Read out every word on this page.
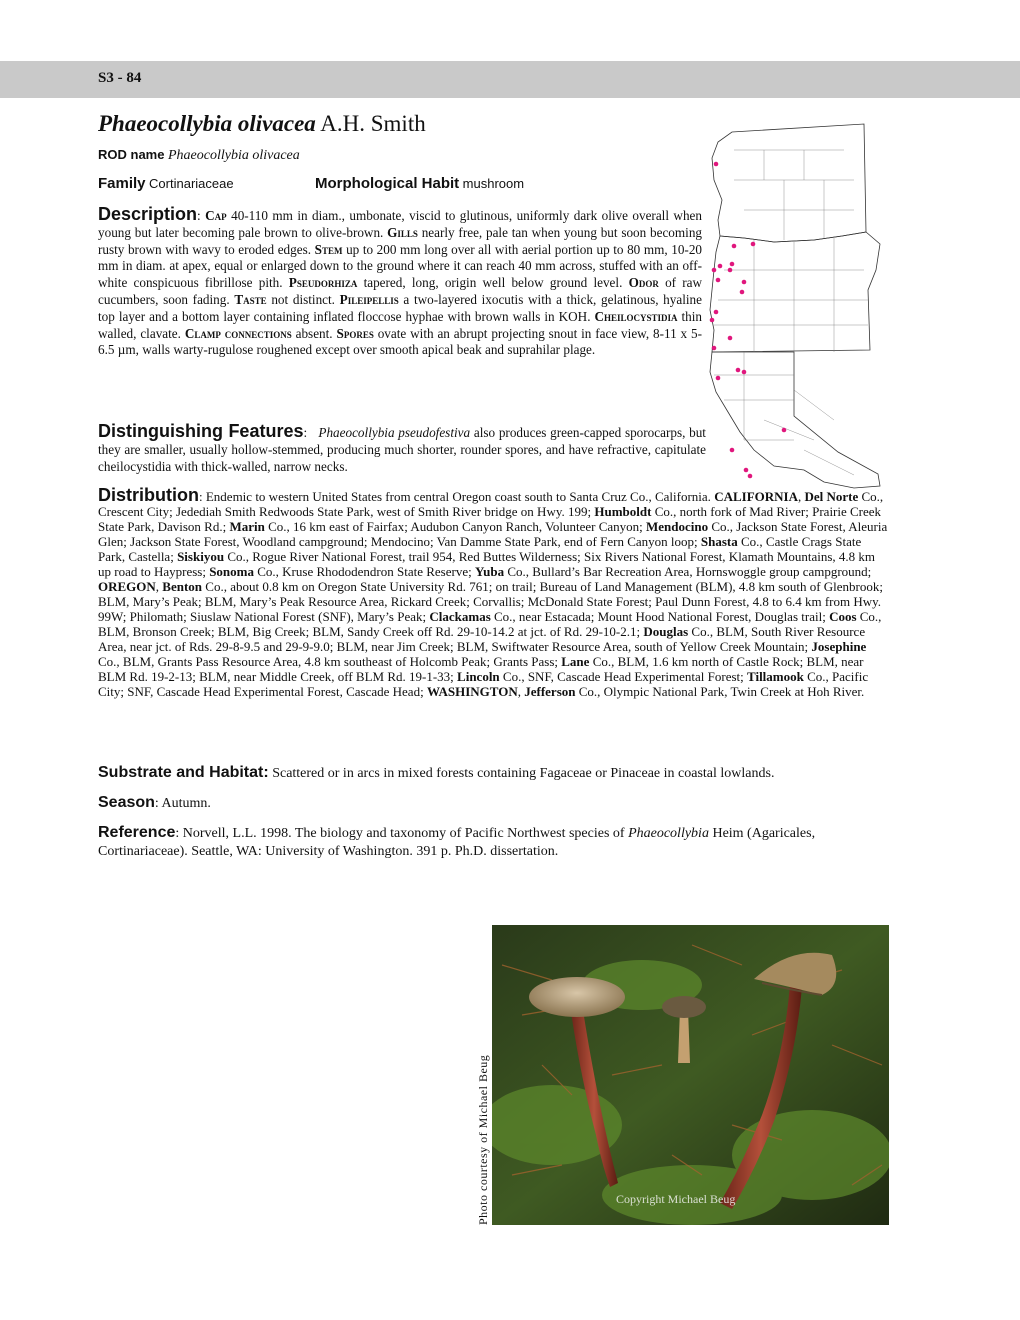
S3 - 84
Phaeocollybia olivacea A.H. Smith
ROD name Phaeocollybia olivacea
Family Cortinariaceae	Morphological Habit mushroom
Description: Cap 40-110 mm in diam., umbonate, viscid to glutinous, uniformly dark olive overall when young but later becoming pale brown to olive-brown. Gills nearly free, pale tan when young but soon becoming rusty brown with wavy to eroded edges. Stem up to 200 mm long over all with aerial portion up to 80 mm, 10-20 mm in diam. at apex, equal or enlarged down to the ground where it can reach 40 mm across, stuffed with an off-white conspicuous fibrillose pith. Pseudorhiza tapered, long, origin well below ground level. Odor of raw cucumbers, soon fading. Taste not distinct. Pileipellis a two-layered ixocutis with a thick, gelatinous, hyaline top layer and a bottom layer containing inflated floccose hyphae with brown walls in KOH. Cheilocystidia thin walled, clavate. Clamp connections absent. Spores ovate with an abrupt projecting snout in face view, 8-11 x 5-6.5 µm, walls warty-rugulose roughened except over smooth apical beak and suprahilar plage.
Distinguishing Features:   Phaeocollybia pseudofestiva also produces green-capped sporocarps, but they are smaller, usually hollow-stemmed, producing much shorter, rounder spores, and have refractive, capitulate cheilocystidia with thick-walled, narrow necks.
Distribution: Endemic to western United States from central Oregon coast south to Santa Cruz Co., California. CALIFORNIA, Del Norte Co., Crescent City; Jedediah Smith Redwoods State Park, west of Smith River bridge on Hwy. 199; Humboldt Co., north fork of Mad River; Prairie Creek State Park, Davison Rd.; Marin Co., 16 km east of Fairfax; Audubon Canyon Ranch, Volunteer Canyon; Mendocino Co., Jackson State Forest, Aleuria Glen; Jackson State Forest, Woodland campground; Mendocino; Van Damme State Park, end of Fern Canyon loop; Shasta Co., Castle Crags State Park, Castella; Siskiyou Co., Rogue River National Forest, trail 954, Red Buttes Wilderness; Six Rivers National Forest, Klamath Mountains, 4.8 km up road to Haypress; Sonoma Co., Kruse Rhododendron State Reserve; Yuba Co., Bullard’s Bar Recreation Area, Hornswoggle group campground; OREGON, Benton Co., about 0.8 km on Oregon State University Rd. 761; on trail; Bureau of Land Management (BLM), 4.8 km south of Glenbrook; BLM, Mary’s Peak; BLM, Mary’s Peak Resource Area, Rickard Creek; Corvallis; McDonald State Forest; Paul Dunn Forest, 4.8 to 6.4 km from Hwy. 99W; Philomath; Siuslaw National Forest (SNF), Mary’s Peak; Clackamas Co., near Estacada; Mount Hood National Forest, Douglas trail; Coos Co., BLM, Bronson Creek; BLM, Big Creek; BLM, Sandy Creek off Rd. 29-10-14.2 at jct. of Rd. 29-10-2.1; Douglas Co., BLM, South River Resource Area, near jct. of Rds. 29-8-9.5 and 29-9-9.0; BLM, near Jim Creek; BLM, Swiftwater Resource Area, south of Yellow Creek Mountain; Josephine Co., BLM, Grants Pass Resource Area, 4.8 km southeast of Holcomb Peak; Grants Pass; Lane Co., BLM, 1.6 km north of Castle Rock; BLM, near BLM Rd. 19-2-13; BLM, near Middle Creek, off BLM Rd. 19-1-33; Lincoln Co., SNF, Cascade Head Experimental Forest; Tillamook Co., Pacific City; SNF, Cascade Head Experimental Forest, Cascade Head; WASHINGTON, Jefferson Co., Olympic National Park, Twin Creek at Hoh River.
Substrate and Habitat: Scattered or in arcs in mixed forests containing Fagaceae or Pinaceae in coastal lowlands.
Season: Autumn.
Reference: Norvell, L.L. 1998. The biology and taxonomy of Pacific Northwest species of Phaeocollybia Heim (Agaricales, Cortinariaceae). Seattle, WA: University of Washington. 391 p. Ph.D. dissertation.
Copyright Michael Beug
Photo courtesy of Michael Beug
